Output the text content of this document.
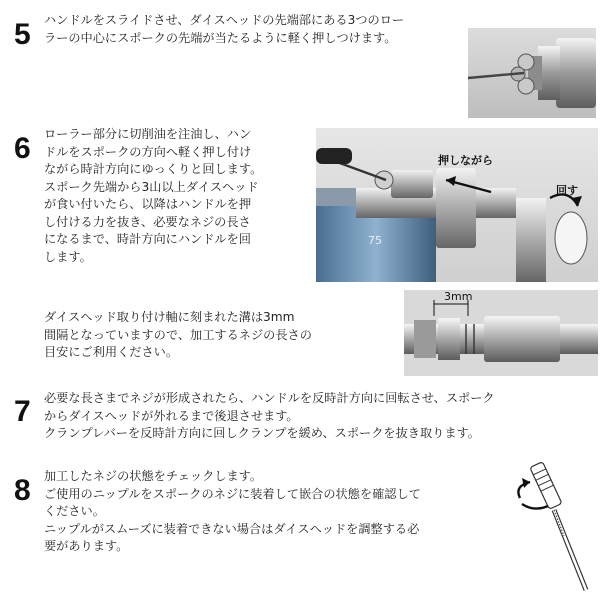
5 ハンドルをスライドさせ、ダイスヘッドの先端部にある3つのロー
ラーの中心にスポークの先端が当たるように軽く押しつけます。
6 ローラー部分に切削油を注油し、ハン
ドルをスポークの方向へ軽く押し付け
ながら時計方向にゆっくりと回します。
スポーク先端から3山以上ダイスヘッド
が食い付いたら、以降はハンドルを押
し付ける力を抜き、必要なネジの長さ
になるまで、時計方向にハンドルを回
します。
押しながら
回す
75
ダイスヘッド取り付け軸に刻まれた溝は3mm
間隔となっていますので、加工するネジの長さの
目安にご利用ください。
3mm
7 必要な長さまでネジが形成されたら、ハンドルを反時計方向に回転させ、スポーク
からダイスヘッドが外れるまで後退させます。
クランプレバーを反時計方向に回しクランプを緩め、スポークを抜き取ります。
8 加工したネジの状態をチェックします。
ご使用のニップルをスポークのネジに装着して嵌合の状態を確認して
ください。
ニップルがスムーズに装着できない場合はダイスヘッドを調整する必
要があります。
